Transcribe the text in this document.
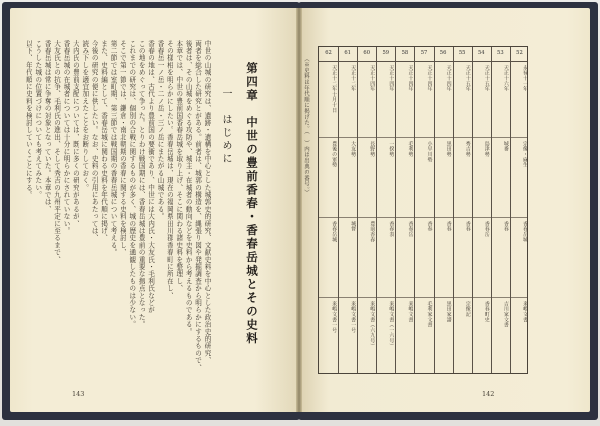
第四章　中世の豊前香春・香春岳城とその史料
一　はじめに
中世の山城の研究は、遺跡・遺構を中心とした城郭史的研究、文献史料を中心とした政治史的研究、
両者を総合した研究とがある。前者は、城郭の構造を、縄張り図や発掘調査から明らかにするもので、
後者は、その山城をめぐる攻防や、城主・在城者の動向などを史料から考えるものである。
本章では、中世の豊前国香春岳城を取り上げ、そこに関わる諸史料を整理し、
その様相を明らかにしたい。香春岳城は、現在の福岡県田川郡香春町に所在し、
香春岳一ノ岳・二ノ岳・三ノ岳にまたがる山城である。
香春の地は、古代より豊前国の要衝であり、中世には大内氏・大友氏・毛利氏などが
この地をめぐって争った。とりわけ戦国期には、香春岳城は豊前の重要な拠点となった。
これまでの研究は、個別の合戦に関するものが多く、城の歴史を通観したものは少ない。
そこで第一節では、鎌倉・南北朝期の香春に関する史料を検討し、
第二節では室町期、第三節では戦国期の香春岳城について考える。
また、史料編として、香春岳城に関わる史料を年代順に掲げ、
今後の研究の便に供したい。なお、史料の引用にあたっては、
読み下しを適宜加えたことをお断りしておく。
大内氏の豊前支配については、既に多くの研究があるが、
香春岳城の在城者については十分に明らかにされていない。
大友氏との抗争、毛利氏の進出、そして秀吉の九州平定に至るまで、
香春岳城は常に争奪の対象となっていた。本章では、
こうした城の位置づけについても考えてみたい。
以下、年代順に史料を検討していくことにする。
143
（※史料は年代順に掲げた。（　）内は出典の番号。）
62
天正十二年十月十日
豊後の軍勢
香春岳城
来嶋文書一号
61
天正十二年
大友勢
城督
来嶋文書一号
60
天正十四年
長野勢
豊前香春
来嶋文書（六九号）
59
天正十四年
一揆勢
香春表
来嶋文書（一六号）
58
天正十四年
毛利勢
香春岳
来嶋文書
57
天正十四年
小早川勢
香春
毛利家文書
56
天正十四年
黒田勢
香春
黒田家譜
55
天正十五年
秀吉勢
香春
宗像記
54
天正十五年
島津勢
香春岳
香春町史
53
天正十六年
城番
香春
吉川家文書
52
永禄十一年
宗像・麻生
香春岳城
来嶋文書
142
